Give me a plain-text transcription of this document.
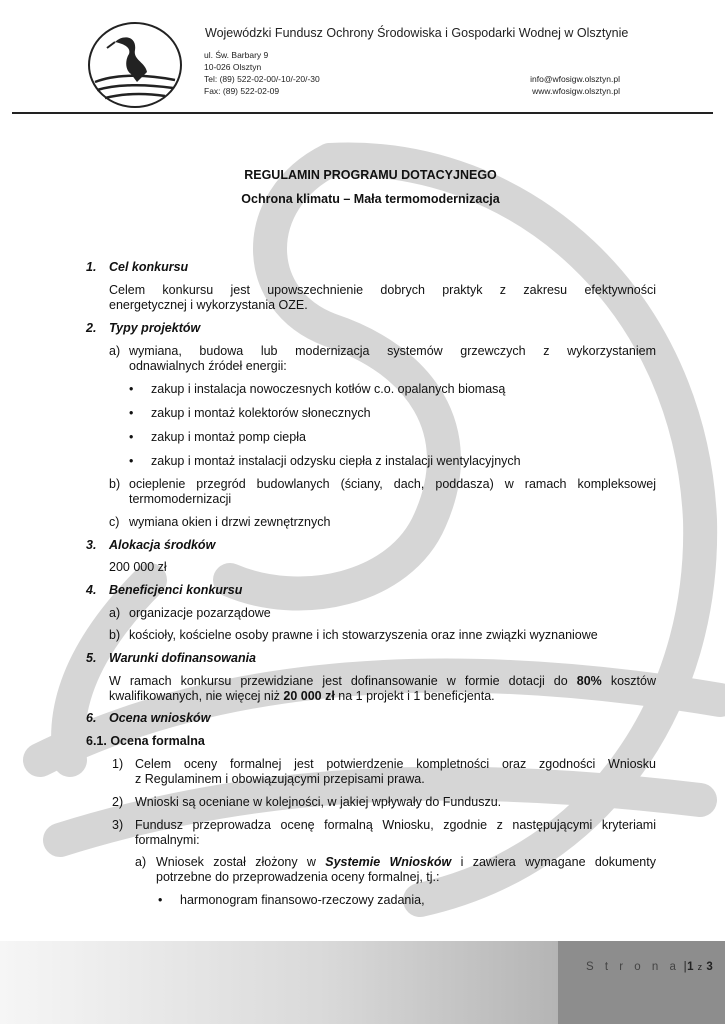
Wojewódzki Fundusz Ochrony Środowiska i Gospodarki Wodnej w Olsztynie
ul. Św. Barbary 9
10-026 Olsztyn
Tel: (89) 522-02-00/-10/-20/-30
Fax: (89) 522-02-09
info@wfosigw.olsztyn.pl
www.wfosigw.olsztyn.pl
REGULAMIN PROGRAMU DOTACYJNEGO
Ochrona klimatu – Mała termomodernizacja
1. Cel konkursu
Celem konkursu jest upowszechnienie dobrych praktyk z zakresu efektywności
energetycznej i wykorzystania OZE.
2. Typy projektów
a) wymiana, budowa lub modernizacja systemów grzewczych z wykorzystaniem
odnawialnych źródeł energii:
• zakup i instalacja nowoczesnych kotłów c.o. opalanych biomasą
• zakup i montaż kolektorów słonecznych
• zakup i montaż pomp ciepła
• zakup i montaż instalacji odzysku ciepła z instalacji wentylacyjnych
b) ocieplenie przegród budowlanych (ściany, dach, poddasza) w ramach kompleksowej
termomodernizacji
c) wymiana okien i drzwi zewnętrznych
3. Alokacja środków
200 000 zł
4. Beneficjenci konkursu
a) organizacje pozarządowe
b) kościoły, kościelne osoby prawne i ich stowarzyszenia oraz inne związki wyznaniowe
5. Warunki dofinansowania
W ramach konkursu przewidziane jest dofinansowanie w formie dotacji do 80% kosztów
kwalifikowanych, nie więcej niż 20 000 zł na 1 projekt i 1 beneficjenta.
6. Ocena wniosków
6.1. Ocena formalna
1) Celem oceny formalnej jest potwierdzenie kompletności oraz zgodności Wniosku
z Regulaminem i obowiązującymi przepisami prawa.
2) Wnioski są oceniane w kolejności, w jakiej wpływały do Funduszu.
3) Fundusz przeprowadza ocenę formalną Wniosku, zgodnie z następującymi kryteriami
formalnymi:
a) Wniosek został złożony w Systemie Wniosków i zawiera wymagane dokumenty
potrzebne do przeprowadzenia oceny formalnej, tj.:
• harmonogram finansowo-rzeczowy zadania,
S t r o n a |1 z 3
